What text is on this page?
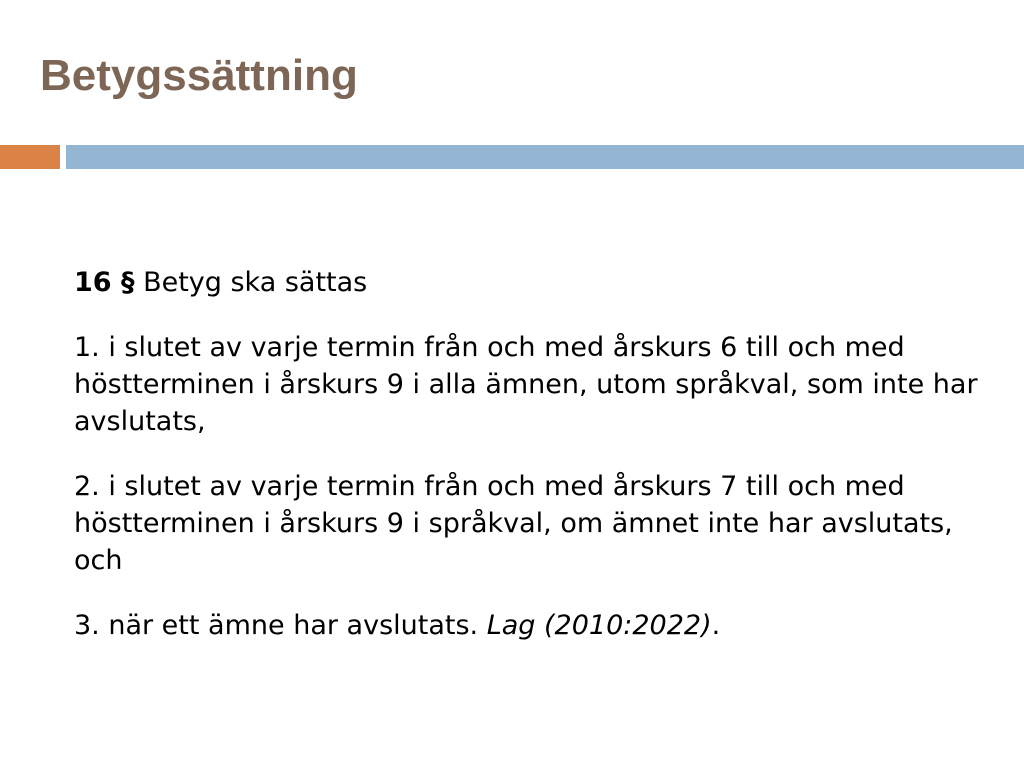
Betygssättning

16 § Betyg ska sättas

1. i slutet av varje termin från och med årskurs 6 till och med höstterminen i årskurs 9 i alla ämnen, utom språkval, som inte har avslutats,

2. i slutet av varje termin från och med årskurs 7 till och med höstterminen i årskurs 9 i språkval, om ämnet inte har avslutats, och

3. när ett ämne har avslutats. Lag (2010:2022).
